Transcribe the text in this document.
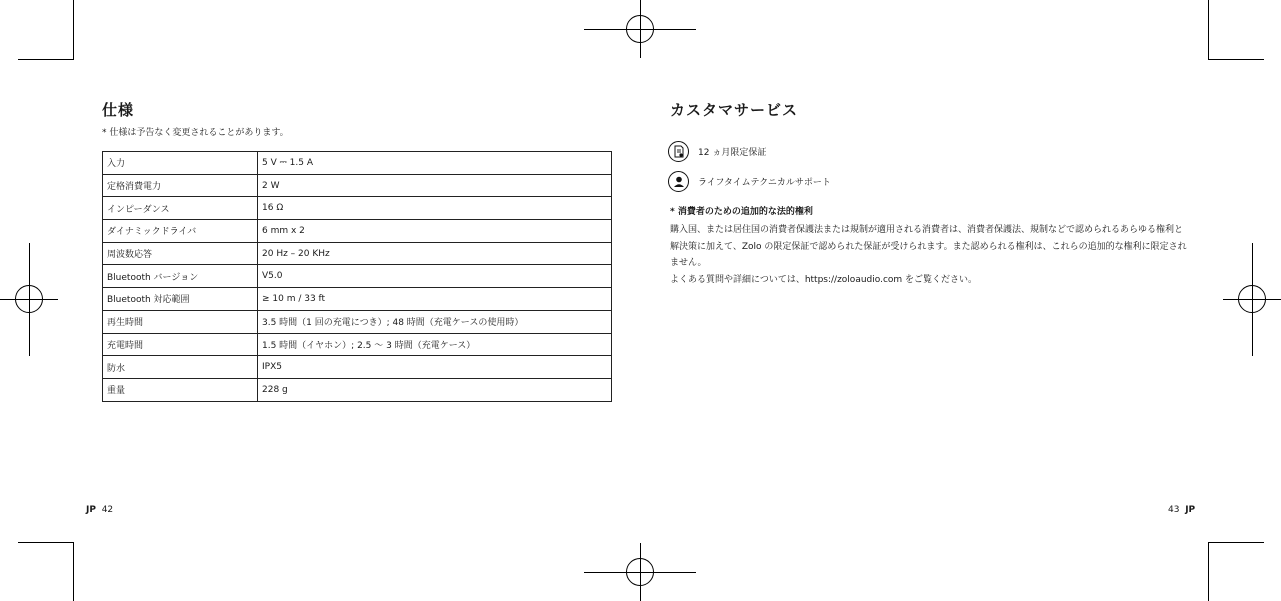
仕様
* 仕様は予告なく変更されることがあります。
入力	5 V ⎓ 1.5 A
定格消費電力	2 W
インピーダンス	16 Ω
ダイナミックドライバ	6 mm x 2
周波数応答	20 Hz – 20 KHz
Bluetooth バージョン	V5.0
Bluetooth 対応範囲	≥ 10 m / 33 ft
再生時間	3.5 時間（1 回の充電につき）; 48 時間（充電ケースの使用時）
充電時間	1.5 時間（イヤホン）; 2.5 〜 3 時間（充電ケース）
防水	IPX5
重量	228 g
JP 42
カスタマサービス
12 ヵ月限定保証
ライフタイムテクニカルサポート
* 消費者のための追加的な法的権利
購入国、または居住国の消費者保護法または規制が適用される消費者は、消費者保護法、規制などで認められるあらゆる権利と解決策に加えて、Zolo の限定保証で認められた保証が受けられます。また認められる権利は、これらの追加的な権利に限定されません。
よくある質問や詳細については、https://zoloaudio.com をご覧ください。
43 JP
